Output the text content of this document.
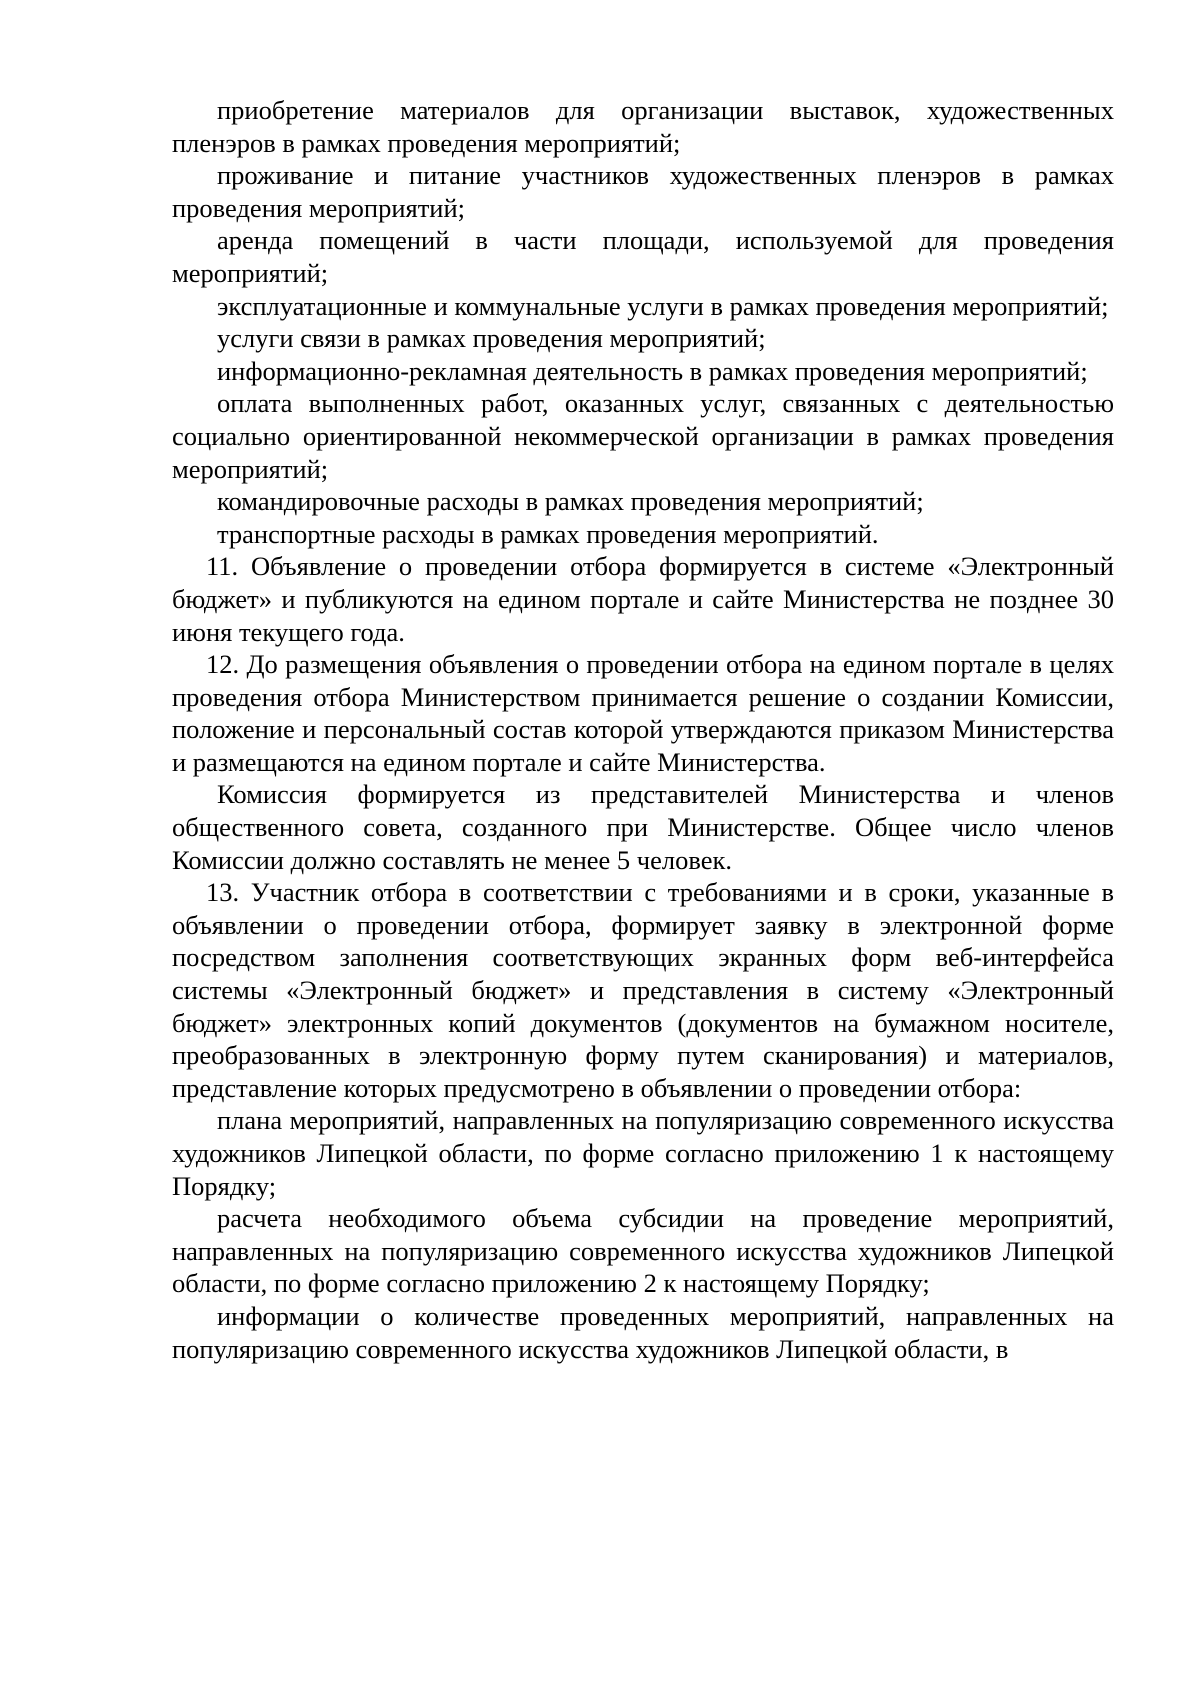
приобретение материалов для организации выставок, художественных пленэров в рамках проведения мероприятий;

проживание и питание участников художественных пленэров в рамках проведения мероприятий;

аренда помещений в части площади, используемой для проведения мероприятий;

эксплуатационные и коммунальные услуги в рамках проведения мероприятий;

услуги связи в рамках проведения мероприятий;

информационно-рекламная деятельность в рамках проведения мероприятий;

оплата выполненных работ, оказанных услуг, связанных с деятельностью социально ориентированной некоммерческой организации в рамках проведения мероприятий;

командировочные расходы в рамках проведения мероприятий;

транспортные расходы в рамках проведения мероприятий.

11. Объявление о проведении отбора формируется в системе «Электронный бюджет» и публикуются на едином портале и сайте Министерства не позднее 30 июня текущего года.

12. До размещения объявления о проведении отбора на едином портале в целях проведения отбора Министерством принимается решение о создании Комиссии, положение и персональный состав которой утверждаются приказом Министерства и размещаются на едином портале и сайте Министерства.

Комиссия формируется из представителей Министерства и членов общественного совета, созданного при Министерстве. Общее число членов Комиссии должно составлять не менее 5 человек.

13. Участник отбора в соответствии с требованиями и в сроки, указанные в объявлении о проведении отбора, формирует заявку в электронной форме посредством заполнения соответствующих экранных форм веб-интерфейса системы «Электронный бюджет» и представления в систему «Электронный бюджет» электронных копий документов (документов на бумажном носителе, преобразованных в электронную форму путем сканирования) и материалов, представление которых предусмотрено в объявлении о проведении отбора:

плана мероприятий, направленных на популяризацию современного искусства художников Липецкой области, по форме согласно приложению 1 к настоящему Порядку;

расчета необходимого объема субсидии на проведение мероприятий, направленных на популяризацию современного искусства художников Липецкой области, по форме согласно приложению 2 к настоящему Порядку;

информации о количестве проведенных мероприятий, направленных на популяризацию современного искусства художников Липецкой области, в
